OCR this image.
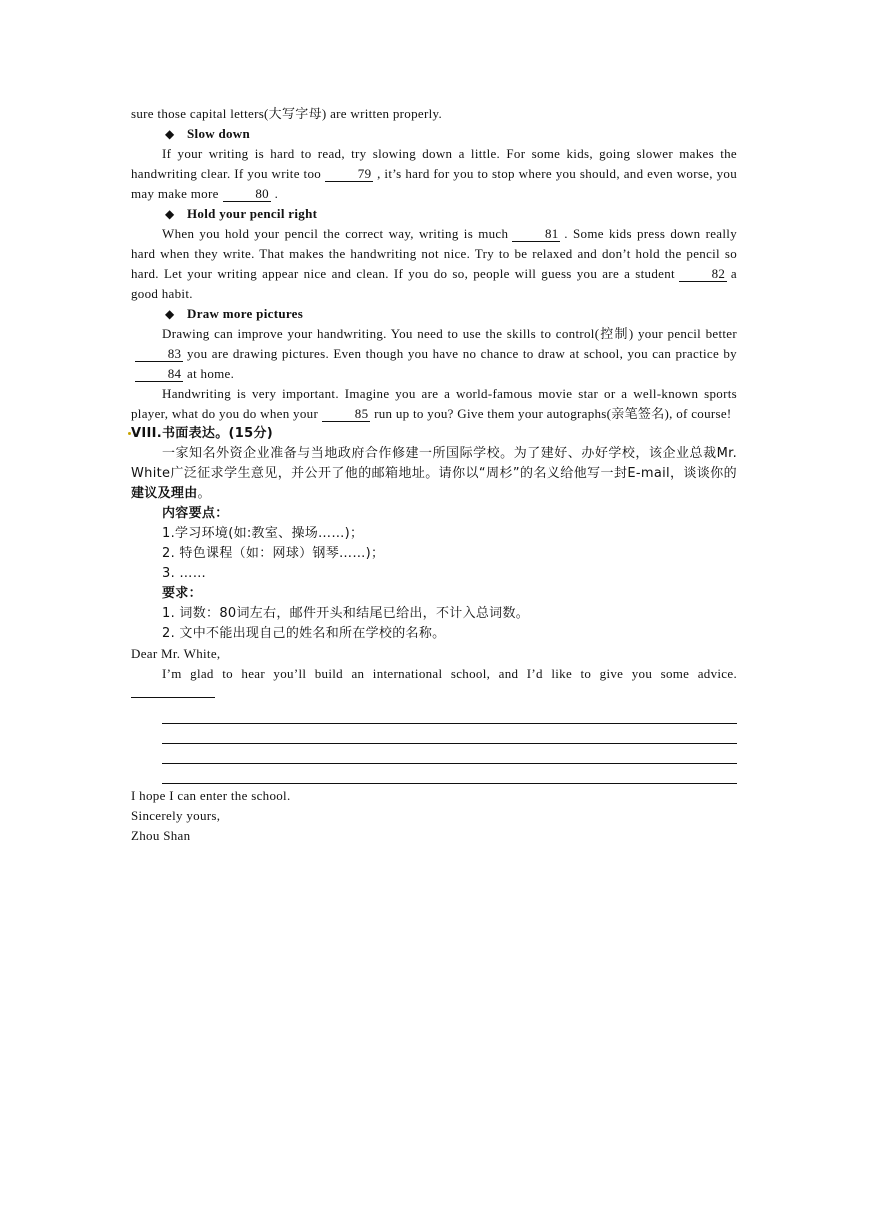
sure those capital letters(大写字母) are written properly.

◆ Slow down

If your writing is hard to read, try slowing down a little. For some kids, going slower makes the handwriting clear. If you write too	79 , it’s hard for you to stop where you should, and even worse, you may make more	80 .

◆ Hold your pencil right

When you hold your pencil the correct way, writing is much	81 . Some kids press down really hard when they write. That makes the handwriting not nice. Try to be relaxed and don’t hold the pencil so hard. Let your writing appear nice and clean. If you do so, people will guess you are a student	82 a good habit.

◆ Draw more pictures

Drawing can improve your handwriting. You need to use the skills to control(控制) your pencil better83 you are drawing pictures. Even though you have no chance to draw at school, you can practice by84 at home.

Handwriting is very important. Imagine you are a world-famous movie star or a well-known sports player, what do you do when your	85 run up to you? Give them your autographs(亲笔签名), of course!

VIII.书面表达。(15分)

一家知名外资企业准备与当地政府合作修建一所国际学校。为了建好、办好学校，该企业总裁Mr. White广泛征求学生意见，并公开了他的邮箱地址。请你以“周杉”的名义给他写一封E-mail，谈谈你的建议及理由。

内容要点：

1.学习环境(如:教室、操场……)；

2. 特色课程（如：网球）钢琴……)；

3. ……

要求：

1. 词数：80词左右，邮件开头和结尾已给出，不计入总词数。

2. 文中不能出现自己的姓名和所在学校的名称。

Dear Mr. White,

I’m glad to hear you’ll build an international school, and I’d like to give you some advice.

I hope I can enter the school.

Sincerely yours,

Zhou Shan
